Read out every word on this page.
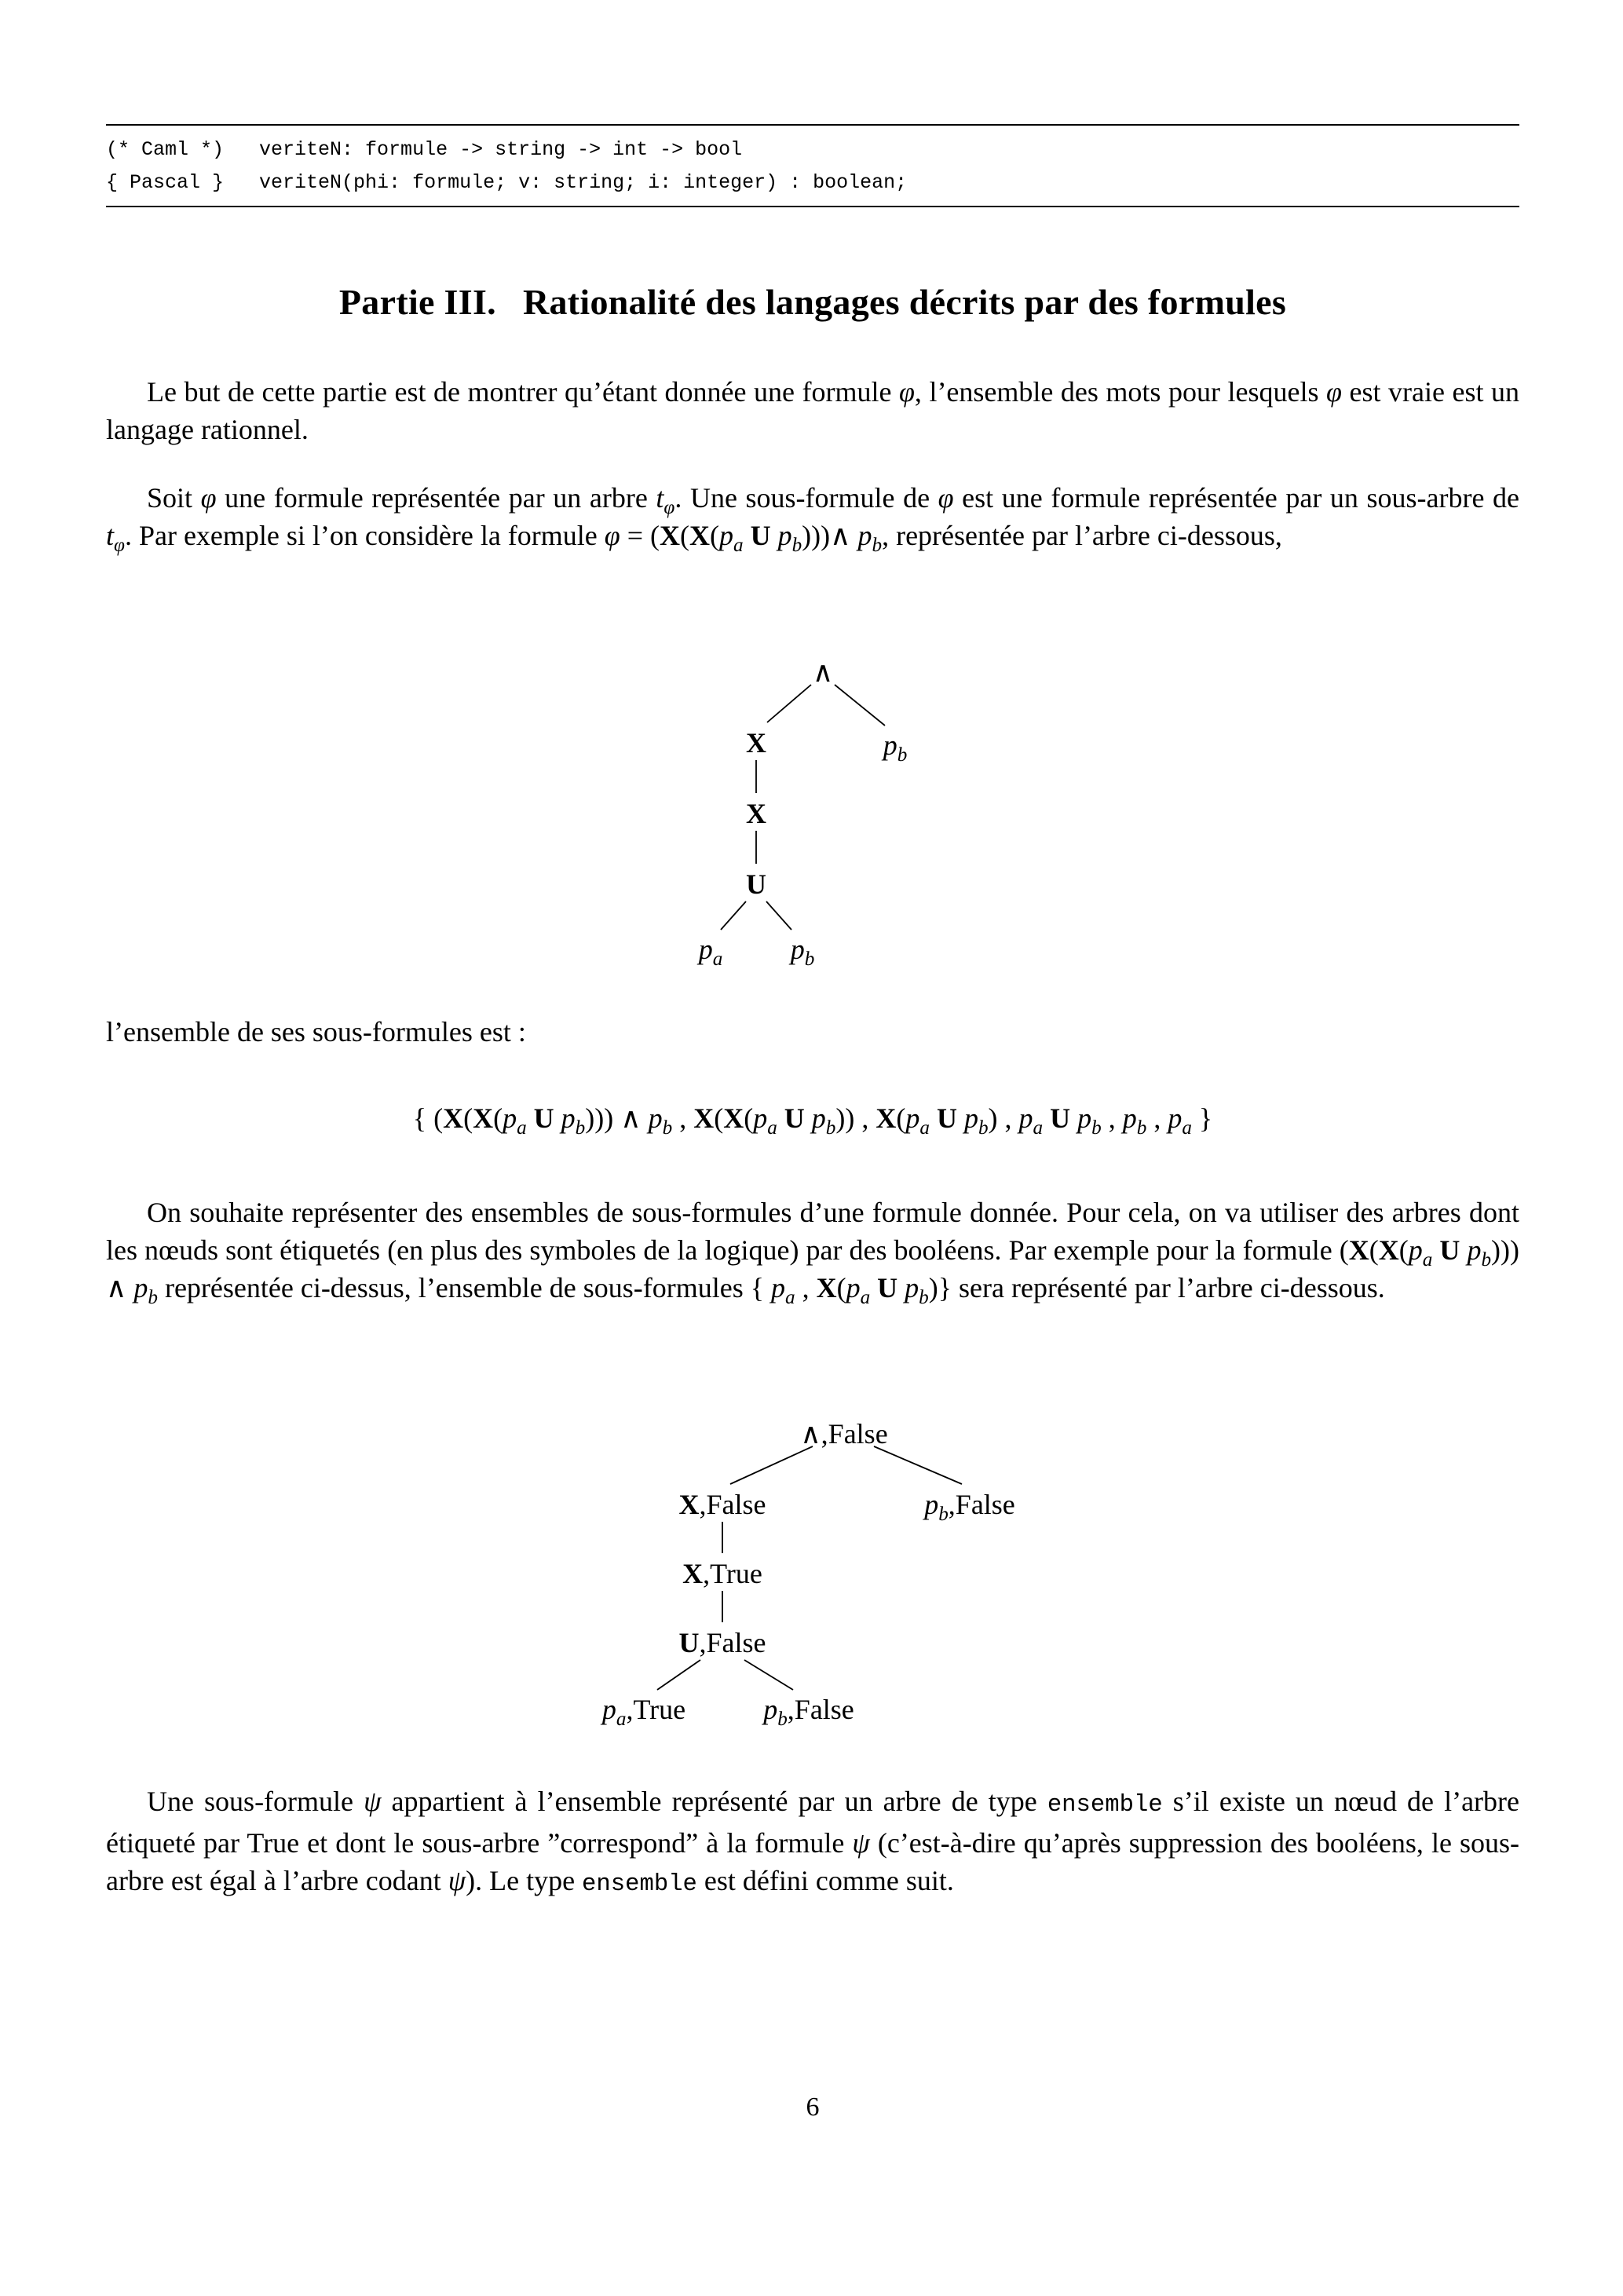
(* Caml *)   veriteN: formule -> string -> int -> bool
{ Pascal }   veriteN(phi: formule; v: string; i: integer) : boolean;
Partie III. Rationalité des langages décrits par des formules

Le but de cette partie est de montrer qu’étant donnée une formule φ, l’ensemble des mots pour lesquels φ est vraie est un langage rationnel.

Soit φ une formule représentée par un arbre $t_\varphi$. Une sous-formule de φ est une formule représentée par un sous-arbre de $t_\varphi$. Par exemple si l’on considère la formule $\varphi = (X(X(p_a$ U $p_b)))\wedge$ $p_b$, représentée par l’arbre ci-dessous,

∧
X	$p_b$
X
U
$p_a$ $p_b$

l’ensemble de ses sous-formules est :

{ ($X(X(p_a$ U $p_b$))) ∧ $p_b$ , $X(X(p_a$ U $p_b$)) , $X(p_a$ U $p_b$) , $p_a$ U $p_b$ , $p_b$ , $p_a$ }

On souhaite représenter des ensembles de sous-formules d’une formule donnée. Pour cela, on va utiliser des arbres dont les nœuds sont étiquetés (en plus des symboles de la logique) par des booléens. Par exemple pour la formule ($X(X(p_a$ U $p_b$))) ∧ $p_b$ représentée ci-dessus, l’ensemble de sous-formules { $p_a$ , $X(p_a$ U $p_b$)} sera représenté par l’arbre ci-dessous.

∧,False
X,False	$p_b,False$
X,True
U,False
$p_a,True$	$p_b,False$

Une sous-formule ψ appartient à l’ensemble représenté par un arbre de type ensemble s’il existe un nœud de l’arbre étiqueté par True et dont le sous-arbre ”correspond” à la formule ψ (c’est-à-dire qu’après suppression des booléens, le sous-arbre est égal à l’arbre codant ψ). Le type ensemble est défini comme suit.

6
